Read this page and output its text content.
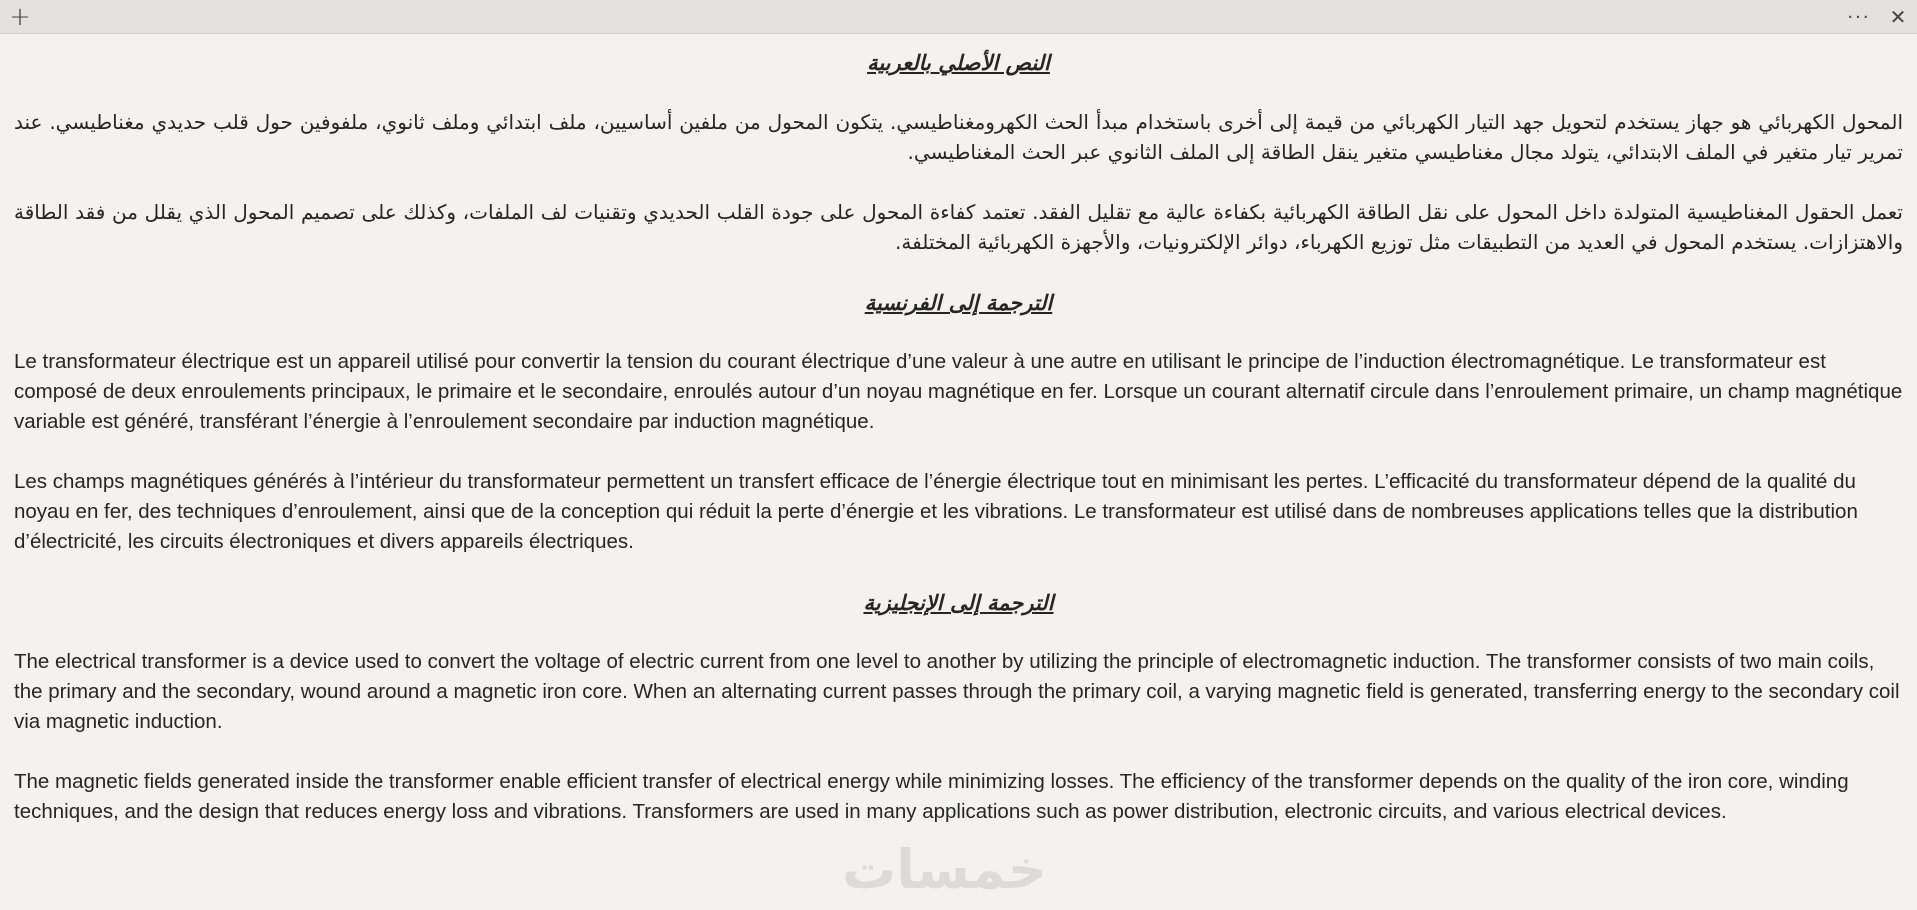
+	··· ✕
النص الأصلي بالعربية

المحول الكهربائي هو جهاز يستخدم لتحويل جهد التيار الكهربائي من قيمة إلى أخرى باستخدام مبدأ الحث الكهرومغناطيسي. يتكون المحول من ملفين أساسيين، ملف ابتدائي وملف ثانوي، ملفوفين حول قلب حديدي مغناطيسي. عند تمرير تيار متغير في الملف الابتدائي، يتولد مجال مغناطيسي متغير ينقل الطاقة إلى الملف الثانوي عبر الحث المغناطيسي.

تعمل الحقول المغناطيسية المتولدة داخل المحول على نقل الطاقة الكهربائية بكفاءة عالية مع تقليل الفقد. تعتمد كفاءة المحول على جودة القلب الحديدي وتقنيات لف الملفات، وكذلك على تصميم المحول الذي يقلل من فقد الطاقة والاهتزازات. يستخدم المحول في العديد من التطبيقات مثل توزيع الكهرباء، دوائر الإلكترونيات، والأجهزة الكهربائية المختلفة.

الترجمة إلى الفرنسية

Le transformateur électrique est un appareil utilisé pour convertir la tension du courant électrique d’une valeur à une autre en utilisant le principe de l’induction électromagnétique. Le transformateur est composé de deux enroulements principaux, le primaire et le secondaire, enroulés autour d’un noyau magnétique en fer. Lorsque un courant alternatif circule dans l’enroulement primaire, un champ magnétique variable est généré, transférant l’énergie à l’enroulement secondaire par induction magnétique.

Les champs magnétiques générés à l’intérieur du transformateur permettent un transfert efficace de l’énergie électrique tout en minimisant les pertes. L’efficacité du transformateur dépend de la qualité du noyau en fer, des techniques d’enroulement, ainsi que de la conception qui réduit la perte d’énergie et les vibrations. Le transformateur est utilisé dans de nombreuses applications telles que la distribution d’électricité, les circuits électroniques et divers appareils électriques.

الترجمة إلى الإنجليزية

The electrical transformer is a device used to convert the voltage of electric current from one level to another by utilizing the principle of electromagnetic induction. The transformer consists of two main coils, the primary and the secondary, wound around a magnetic iron core. When an alternating current passes through the primary coil, a varying magnetic field is generated, transferring energy to the secondary coil via magnetic induction.

The magnetic fields generated inside the transformer enable efficient transfer of electrical energy while minimizing losses. The efficiency of the transformer depends on the quality of the iron core, winding techniques, and the design that reduces energy loss and vibrations. Transformers are used in many applications such as power distribution, electronic circuits, and various electrical devices.

خمسات
